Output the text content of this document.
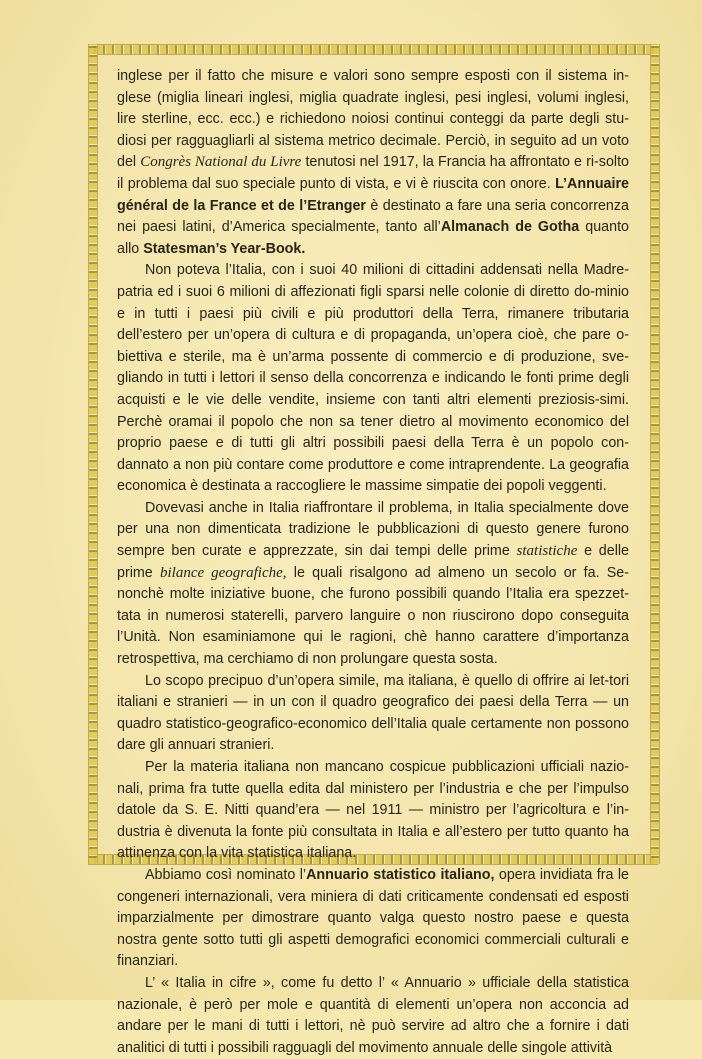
inglese per il fatto che misure e valori sono sempre esposti con il sistema in-glese (miglia lineari inglesi, miglia quadrate inglesi, pesi inglesi, volumi inglesi, lire sterline, ecc. ecc.) e richiedono noiosi continui conteggi da parte degli stu-diosi per ragguagliarli al sistema metrico decimale. Perciò, in seguito ad un voto del Congrès National du Livre tenutosi nel 1917, la Francia ha affrontato e ri-solto il problema dal suo speciale punto di vista, e vi è riuscita con onore. L’Annuaire général de la France et de l’Etranger è destinato a fare una seria concorrenza nei paesi latini, d’America specialmente, tanto all’Almanach de Gotha quanto allo Statesman’s Year-Book.

Non poteva l’Italia, con i suoi 40 milioni di cittadini addensati nella Madre-patria ed i suoi 6 milioni di affezionati figli sparsi nelle colonie di diretto do-minio e in tutti i paesi più civili e più produttori della Terra, rimanere tributaria dell’estero per un’opera di cultura e di propaganda, un’opera cioè, che pare o-biettiva e sterile, ma è un’arma possente di commercio e di produzione, sve-gliando in tutti i lettori il senso della concorrenza e indicando le fonti prime degli acquisti e le vie delle vendite, insieme con tanti altri elementi preziosis-simi. Perchè oramai il popolo che non sa tener dietro al movimento economico del proprio paese e di tutti gli altri possibili paesi della Terra è un popolo con-dannato a non più contare come produttore e come intraprendente. La geografia economica è destinata a raccogliere le massime simpatie dei popoli veggenti.

Dovevasi anche in Italia riaffrontare il problema, in Italia specialmente dove per una non dimenticata tradizione le pubblicazioni di questo genere furono sempre ben curate e apprezzate, sin dai tempi delle prime statistiche e delle prime bilance geografiche, le quali risalgono ad almeno un secolo or fa. Se-nonchè molte iniziative buone, che furono possibili quando l’Italia era spezzet-tata in numerosi staterelli, parvero languire o non riuscirono dopo conseguita l’Unità. Non esaminiamone qui le ragioni, chè hanno carattere d’importanza retrospettiva, ma cerchiamo di non prolungare questa sosta.

Lo scopo precipuo d’un’opera simile, ma italiana, è quello di offrire ai let-tori italiani e stranieri — in un con il quadro geografico dei paesi della Terra — un quadro statistico-geografico-economico dell’Italia quale certamente non possono dare gli annuari stranieri.

Per la materia italiana non mancano cospicue pubblicazioni ufficiali nazio-nali, prima fra tutte quella edita dal ministero per l’industria e che per l’impulso datole da S. E. Nitti quand’era — nel 1911 — ministro per l’agricoltura e l’in-dustria è divenuta la fonte più consultata in Italia e all’estero per tutto quanto ha attinenza con la vita statistica italiana.

Abbiamo così nominato l’Annuario statistico italiano, opera invidiata fra le congeneri internazionali, vera miniera di dati criticamente condensati ed esposti imparzialmente per dimostrare quanto valga questo nostro paese e questa nostra gente sotto tutti gli aspetti demografici economici commerciali culturali e finanziari.

L’ « Italia in cifre », come fu detto l’ « Annuario » ufficiale della statistica nazionale, è però per mole e quantità di elementi un’opera non acconcia ad andare per le mani di tutti i lettori, nè può servire ad altro che a fornire i dati analitici di tutti i possibili ragguagli del movimento annuale delle singole attività
